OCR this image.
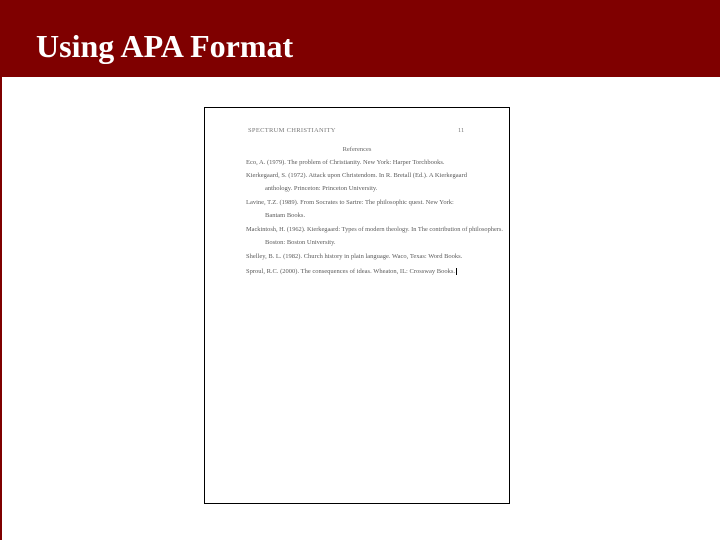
Using APA Format
SPECTRUM CHRISTIANITY	11
References
Eco, A. (1979). The problem of Christianity. New York: Harper Torchbooks.
Kierkegaard, S. (1972). Attack upon Christendom. In R. Bretall (Ed.). A Kierkegaard
anthology. Princeton: Princeton University.
Lavine, T.Z. (1989). From Socrates to Sartre: The philosophic quest. New York:
Bantam Books.
Mackintosh, H. (1962). Kierkegaard: Types of modern theology. In The contribution of philosophers.
Boston: Boston University.
Shelley, B. L. (1982). Church history in plain language. Waco, Texas: Word Books.
Sproul, R.C. (2000). The consequences of ideas. Wheaton, IL: Crossway Books.
